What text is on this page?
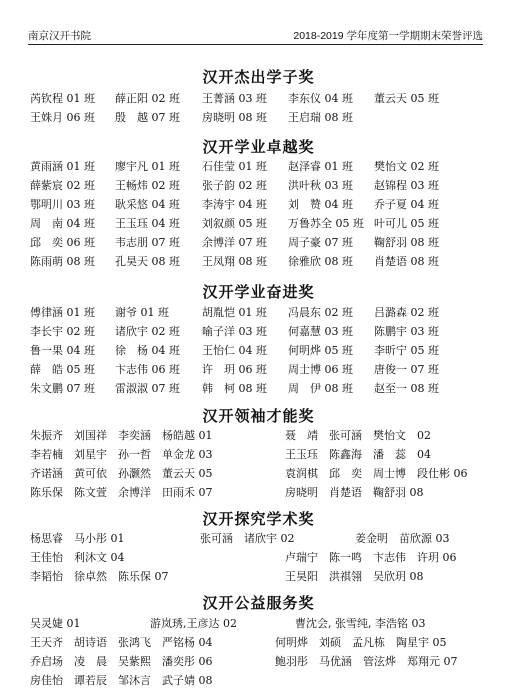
南京汉开书院	2018-2019 学年度第一学期期末荣誉评选
汉开杰出学子奖
芮钦程 01 班 薛正阳 02 班 王菁涵 03 班 李东仪 04 班 董云天 05 班
王姝月 06 班 殷　越 07 班 房晓明 08 班 王启瑞 08 班
汉开学业卓越奖
黄雨涵 01 班 廖宇凡 01 班 石佳莹 01 班 赵泽睿 01 班 樊怡文 02 班
薛紫宸 02 班 王畅炜 02 班 张子韵 02 班 洪叶秋 03 班 赵锦程 03 班
鄂明川 03 班 耿采悠 04 班 李涛宇 04 班 刘　赞 04 班 乔子夏 04 班
周　南 04 班 王玉珏 04 班 刘叙颜 05 班 万鲁苏全 05 班 叶可儿 05 班
邱　奕 06 班 韦志朋 07 班 余博洋 07 班 周子豪 07 班 鞠舒羽 08 班
陈雨萌 08 班 孔昊天 08 班 王凤翔 08 班 徐雅欣 08 班 肖楚语 08 班
汉开学业奋进奖
傅律涵 01 班 谢爷 01 班	胡胤恺 01 班 冯晨东 02 班 吕潞森 02 班
李长宇 02 班 诸欣宇 02 班 喻子洋 03 班 何嘉慧 03 班 陈鹏宇 03 班
鲁一果 04 班 徐　杨 04 班 王怡仁 04 班 何明烨 05 班 李昕宁 05 班
薛　皓 05 班 卞志伟 06 班 许　玥 06 班 周士博 06 班 唐俊一 07 班
朱文鹏 07 班 雷淑淑 07 班 韩　柯 08 班 周　伊 08 班 赵至一 08 班
汉开领袖才能奖
朱振齐　刘国祥　李奕涵　杨皓越 01	聂　靖　张可涵　樊怡文　02
李若楠　刘星宇　孙一哲　单金龙 03	王玉珏　陈鑫海　潘　蕊　04
齐诺涵　黄可依　孙灏然　董云天 05	袁润棋　邱　奕　周士博　段仕彬 06
陈乐保　陈文萱　余博洋　田雨禾 07	房晓明　肖楚语　鞠舒羽 08
汉开探究学术奖
杨思睿　马小彤 01	张可涵　诸欣宇 02	姜金明　苗欣源 03
王佳怡　利沐文 04	卢瑞宁　陈一鸣　卞志伟　许玥 06
李韬怡　徐卓然　陈乐保 07	王昊阳　洪祺翎　吴欣玥 08
汉开公益服务奖
吴灵婕 01	游岚琇,王彦达 02	曹沈会, 张雪纯, 李浩铭 03
王天齐　胡诗语　张鸿飞　严铭杨 04	何明烨　刘硕　孟凡栋　陶星宇 05
乔启场　凌　晨　吴紫熙　潘奕彤 06	鲍羽彤　马优涵　管泫烨　郑翔元 07
房佳怡　谭若辰　邹沐言　武子婧 08
